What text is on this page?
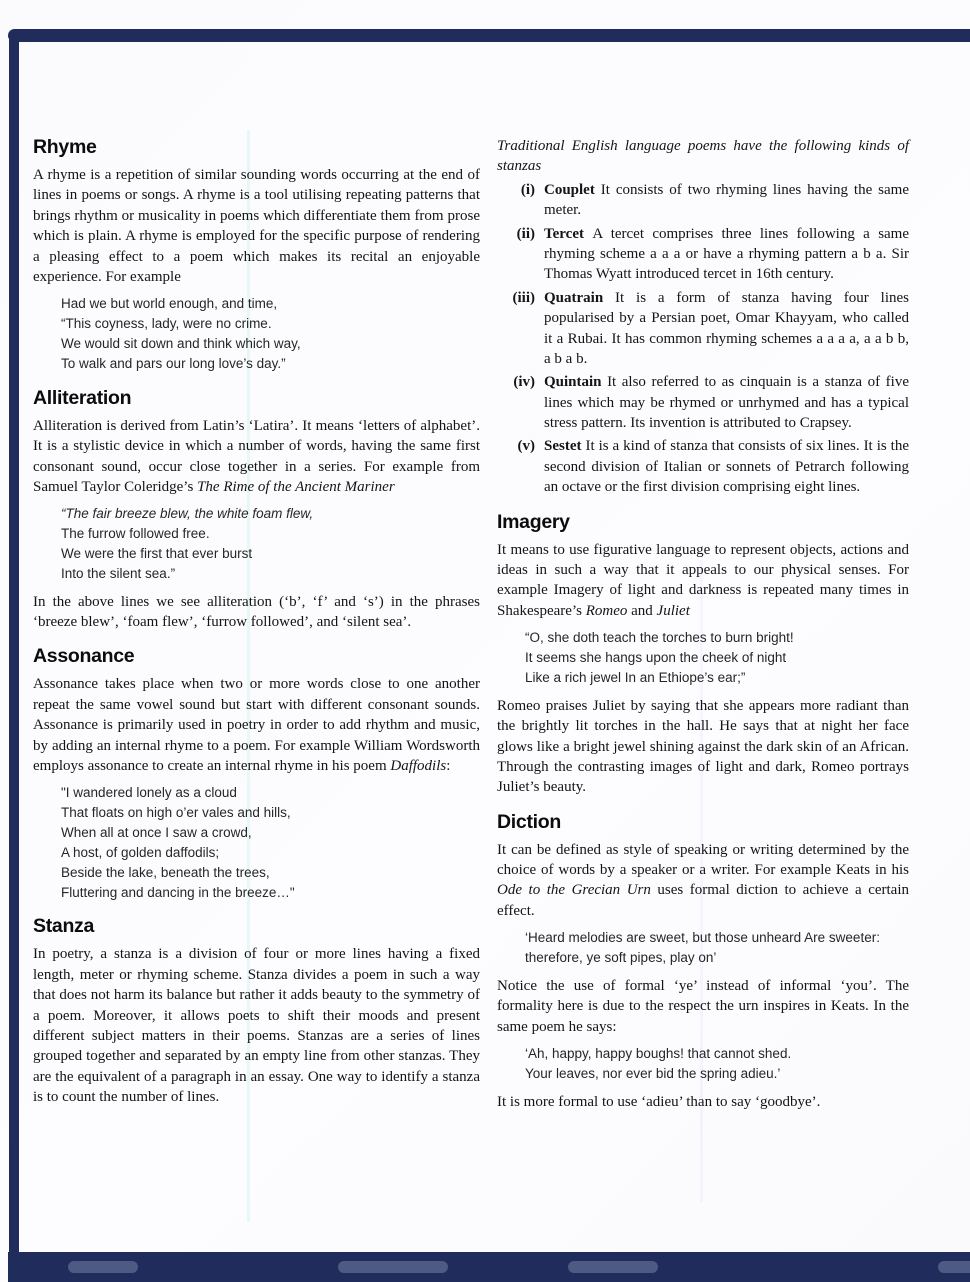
Rhyme

A rhyme is a repetition of similar sounding words occurring at the end of lines in poems or songs. A rhyme is a tool utilising repeating patterns that brings rhythm or musicality in poems which differentiate them from prose which is plain. A rhyme is employed for the specific purpose of rendering a pleasing effect to a poem which makes its recital an enjoyable experience. For example

Had we but world enough, and time,
“This coyness, lady, were no crime.
We would sit down and think which way,
To walk and pars our long love’s day.”
Alliteration

Alliteration is derived from Latin’s ‘Latira’. It means ‘letters of alphabet’. It is a stylistic device in which a number of words, having the same first consonant sound, occur close together in a series. For example from Samuel Taylor Coleridge’s The Rime of the Ancient Mariner

“The fair breeze blew, the white foam flew,
The furrow followed free.
We were the first that ever burst
Into the silent sea.”

In the above lines we see alliteration (‘b’, ‘f’ and ‘s’) in the phrases ‘breeze blew’, ‘foam flew’, ‘furrow followed’, and ‘silent sea’.

Assonance

Assonance takes place when two or more words close to one another repeat the same vowel sound but start with different consonant sounds. Assonance is primarily used in poetry in order to add rhythm and music, by adding an internal rhyme to a poem. For example William Wordsworth employs assonance to create an internal rhyme in his poem Daffodils:

"I wandered lonely as a cloud
That floats on high o’er vales and hills,
When all at once I saw a crowd,
A host, of golden daffodils;
Beside the lake, beneath the trees,
Fluttering and dancing in the breeze…"
Stanza

In poetry, a stanza is a division of four or more lines having a fixed length, meter or rhyming scheme. Stanza divides a poem in such a way that does not harm its balance but rather it adds beauty to the symmetry of a poem. Moreover, it allows poets to shift their moods and present different subject matters in their poems. Stanzas are a series of lines grouped together and separated by an empty line from other stanzas. They are the equivalent of a paragraph in an essay. One way to identify a stanza is to count the number of lines.

Traditional English language poems have the following kinds of stanzas

(i) Couplet It consists of two rhyming lines having the same meter.
(ii) Tercet A tercet comprises three lines following a same rhyming scheme a a a or have a rhyming pattern a b a. Sir Thomas Wyatt introduced tercet in 16th century.
(iii) Quatrain It is a form of stanza having four lines popularised by a Persian poet, Omar Khayyam, who called it a Rubai. It has common rhyming schemes a a a a, a a b b, a b a b.
(iv) Quintain It also referred to as cinquain is a stanza of five lines which may be rhymed or unrhymed and has a typical stress pattern. Its invention is attributed to Crapsey.
(v) Sestet It is a kind of stanza that consists of six lines. It is the second division of Italian or sonnets of Petrarch following an octave or the first division comprising eight lines.
Imagery

It means to use figurative language to represent objects, actions and ideas in such a way that it appeals to our physical senses. For example Imagery of light and darkness is repeated many times in Shakespeare’s Romeo and Juliet

“O, she doth teach the torches to burn bright!
It seems she hangs upon the cheek of night
Like a rich jewel In an Ethiope’s ear;”

Romeo praises Juliet by saying that she appears more radiant than the brightly lit torches in the hall. He says that at night her face glows like a bright jewel shining against the dark skin of an African. Through the contrasting images of light and dark, Romeo portrays Juliet’s beauty.

Diction

It can be defined as style of speaking or writing determined by the choice of words by a speaker or a writer. For example Keats in his Ode to the Grecian Urn uses formal diction to achieve a certain effect.

‘Heard melodies are sweet, but those unheard Are sweeter:
therefore, ye soft pipes, play on’

Notice the use of formal ‘ye’ instead of informal ‘you’. The formality here is due to the respect the urn inspires in Keats. In the same poem he says:

‘Ah, happy, happy boughs! that cannot shed.
Your leaves, nor ever bid the spring adieu.’

It is more formal to use ‘adieu’ than to say ‘goodbye’.
